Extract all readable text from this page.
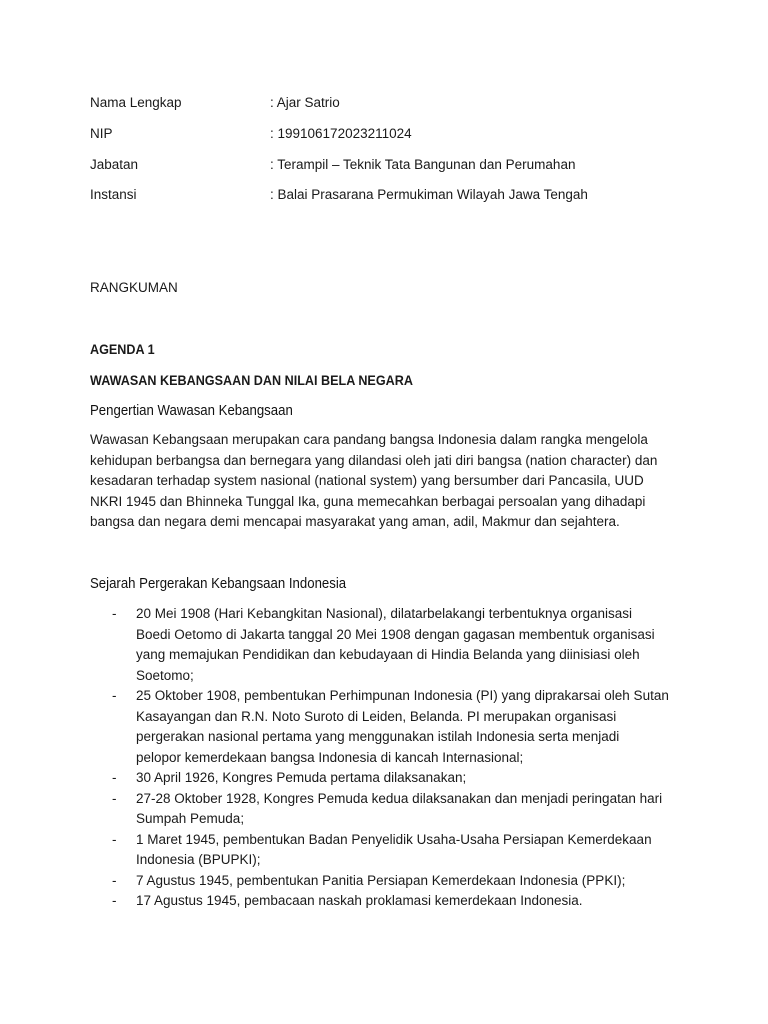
Nama Lengkap	: Ajar Satrio
NIP	: 199106172023211024
Jabatan	: Terampil – Teknik Tata Bangunan dan Perumahan
Instansi	: Balai Prasarana Permukiman Wilayah Jawa Tengah
RANGKUMAN
AGENDA 1
WAWASAN KEBANGSAAN DAN NILAI BELA NEGARA
Pengertian Wawasan Kebangsaan
Wawasan Kebangsaan merupakan cara pandang bangsa Indonesia dalam rangka mengelola
kehidupan berbangsa dan bernegara yang dilandasi oleh jati diri bangsa (nation character) dan
kesadaran terhadap system nasional (national system) yang bersumber dari Pancasila, UUD
NKRI 1945 dan Bhinneka Tunggal Ika, guna memecahkan berbagai persoalan yang dihadapi
bangsa dan negara demi mencapai masyarakat yang aman, adil, Makmur dan sejahtera.
Sejarah Pergerakan Kebangsaan Indonesia
- 20 Mei 1908 (Hari Kebangkitan Nasional), dilatarbelakangi terbentuknya organisasi
Boedi Oetomo di Jakarta tanggal 20 Mei 1908 dengan gagasan membentuk organisasi
yang memajukan Pendidikan dan kebudayaan di Hindia Belanda yang diinisiasi oleh
Soetomo;
- 25 Oktober 1908, pembentukan Perhimpunan Indonesia (PI) yang diprakarsai oleh Sutan
Kasayangan dan R.N. Noto Suroto di Leiden, Belanda. PI merupakan organisasi
pergerakan nasional pertama yang menggunakan istilah Indonesia serta menjadi
pelopor kemerdekaan bangsa Indonesia di kancah Internasional;
- 30 April 1926, Kongres Pemuda pertama dilaksanakan;
- 27-28 Oktober 1928, Kongres Pemuda kedua dilaksanakan dan menjadi peringatan hari
Sumpah Pemuda;
- 1 Maret 1945, pembentukan Badan Penyelidik Usaha-Usaha Persiapan Kemerdekaan
Indonesia (BPUPKI);
- 7 Agustus 1945, pembentukan Panitia Persiapan Kemerdekaan Indonesia (PPKI);
- 17 Agustus 1945, pembacaan naskah proklamasi kemerdekaan Indonesia.
